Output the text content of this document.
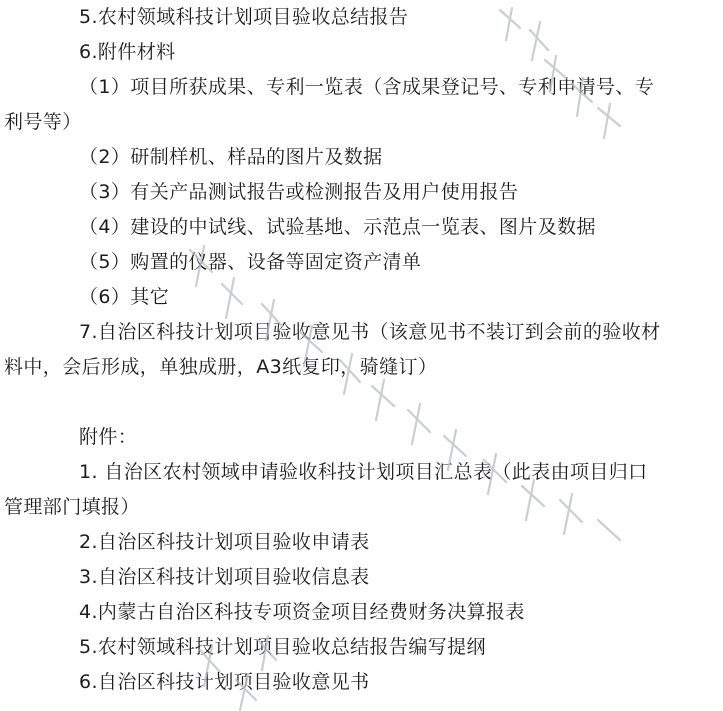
5.农村领域科技计划项目验收总结报告
6.附件材料
（1）项目所获成果、专利一览表（含成果登记号、专利申请号、专
利号等）
（2）研制样机、样品的图片及数据
（3）有关产品测试报告或检测报告及用户使用报告
（4）建设的中试线、试验基地、示范点一览表、图片及数据
（5）购置的仪器、设备等固定资产清单
（6）其它
7.自治区科技计划项目验收意见书（该意见书不装订到会前的验收材
料中，会后形成，单独成册，A3纸复印，骑缝订）
附件：
1. 自治区农村领域申请验收科技计划项目汇总表（此表由项目归口
管理部门填报）
2.自治区科技计划项目验收申请表
3.自治区科技计划项目验收信息表
4.内蒙古自治区科技专项资金项目经费财务决算报表
5.农村领域科技计划项目验收总结报告编写提纲
6.自治区科技计划项目验收意见书
